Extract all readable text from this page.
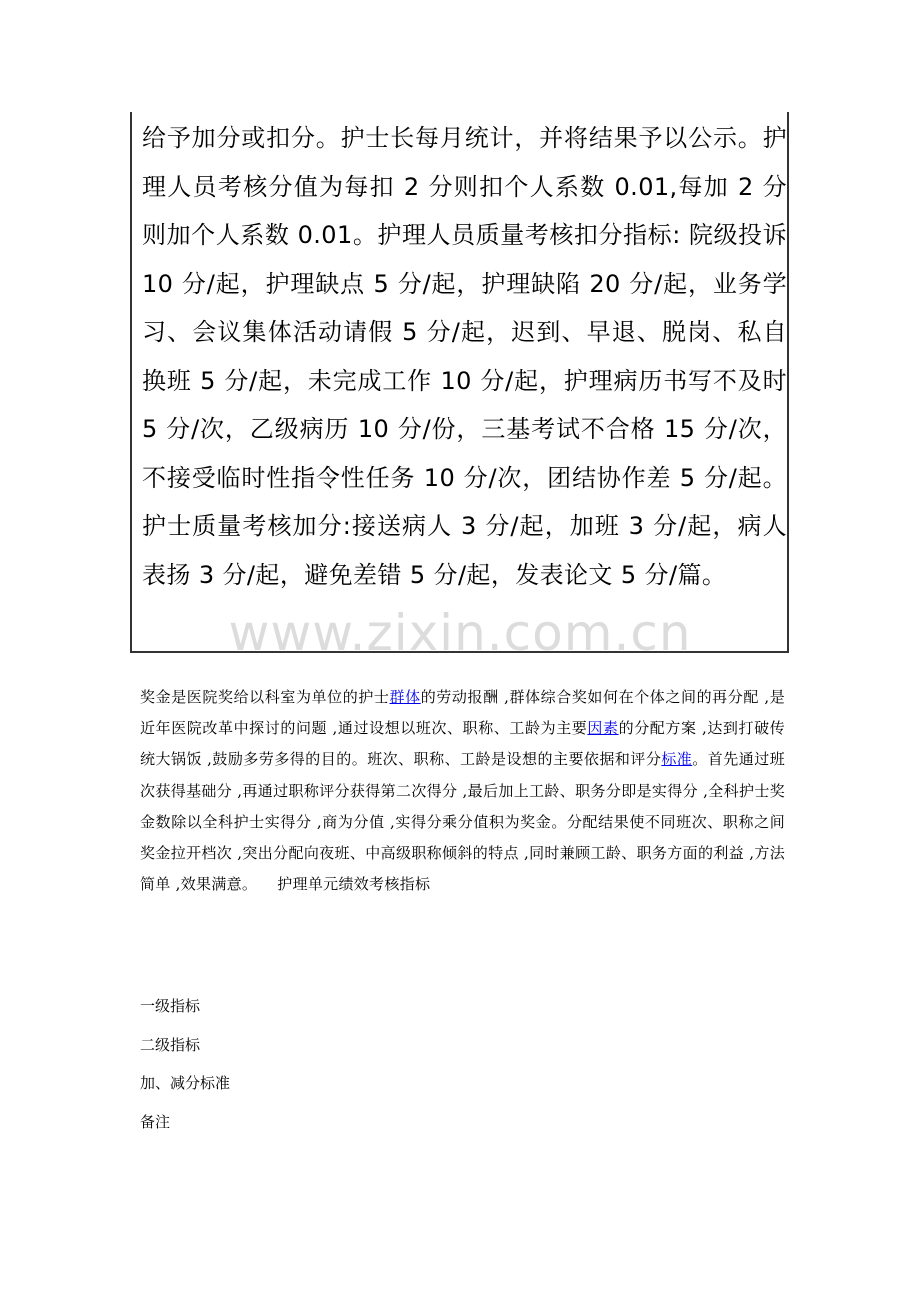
给予加分或扣分。护士长每月统计，并将结果予以公示。护理人员考核分值为每扣 2 分则扣个人系数 0.01,每加 2 分则加个人系数 0.01。护理人员质量考核扣分指标: 院级投诉 10 分/起，护理缺点 5 分/起，护理缺陷 20 分/起，业务学习、会议集体活动请假 5 分/起，迟到、早退、脱岗、私自换班 5 分/起，未完成工作 10 分/起，护理病历书写不及时 5 分/次，乙级病历 10 分/份，三基考试不合格 15 分/次，不接受临时性指令性任务 10 分/次，团结协作差 5 分/起。护士质量考核加分:接送病人 3 分/起，加班 3 分/起，病人表扬 3 分/起，避免差错 5 分/起，发表论文 5 分/篇。

www.zixin.com.cn

奖金是医院奖给以科室为单位的护士群体的劳动报酬 ,群体综合奖如何在个体之间的再分配 ,是近年医院改革中探讨的问题 ,通过设想以班次、职称、工龄为主要因素的分配方案 ,达到打破传统大锅饭 ,鼓励多劳多得的目的。班次、职称、工龄是设想的主要依据和评分标准。首先通过班次获得基础分 ,再通过职称评分获得第二次得分 ,最后加上工龄、职务分即是实得分 ,全科护士奖金数除以全科护士实得分 ,商为分值 ,实得分乘分值积为奖金。分配结果使不同班次、职称之间奖金拉开档次 ,突出分配向夜班、中高级职称倾斜的特点 ,同时兼顾工龄、职务方面的利益 ,方法简单 ,效果满意。 护理单元绩效考核指标

一级指标

二级指标

加、减分标准

备注
